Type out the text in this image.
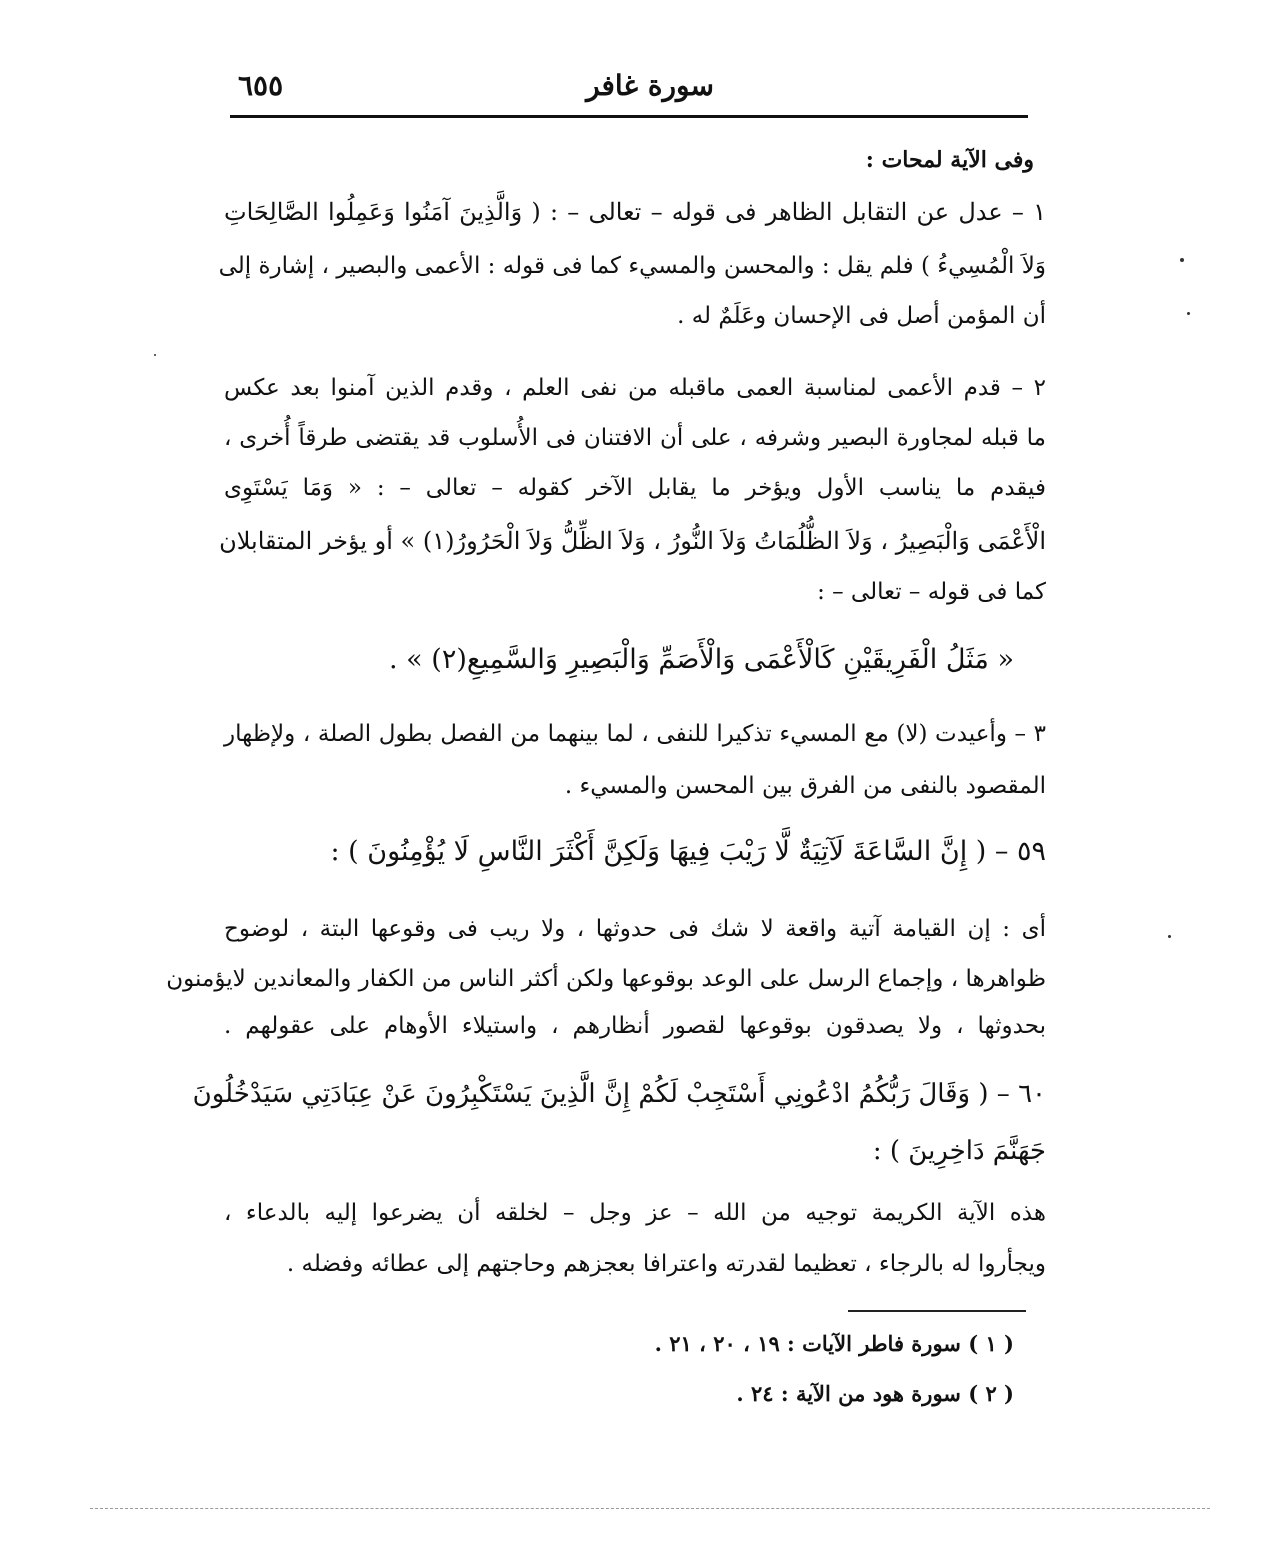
سورة غافر
٦٥٥
وفى الآية لمحات :
١ – عدل عن التقابل الظاهر فى قوله – تعالى – : ( وَالَّذِينَ آمَنُوا وَعَمِلُوا الصَّالِحَاتِ
وَلاَ الْمُسِيءُ ) فلم يقل : والمحسن والمسيء كما فى قوله : الأعمى والبصير ، إشارة إلى
أن المؤمن أصل فى الإحسان وعَلَمٌ له .
٢ – قدم الأعمى لمناسبة العمى ماقبله من نفى العلم ، وقدم الذين آمنوا بعد عكس
ما قبله لمجاورة البصير وشرفه ، على أن الافتنان فى الأُسلوب قد يقتضى طرقاً أُخرى ،
فيقدم ما يناسب الأول ويؤخر ما يقابل الآخر كقوله – تعالى – : « وَمَا يَسْتَوِى
الْأَعْمَى وَالْبَصِيرُ ، وَلاَ الظُّلُمَاتُ وَلاَ النُّورُ ، وَلاَ الظِّلُّ وَلاَ الْحَرُورُ(١) » أو يؤخر المتقابلان
كما فى قوله – تعالى – :
« مَثَلُ الْفَرِيقَيْنِ كَالْأَعْمَى وَالْأَصَمِّ وَالْبَصِيرِ وَالسَّمِيعِ(٢) » .
٣ – وأعيدت (لا) مع المسيء تذكيرا للنفى ، لما بينهما من الفصل بطول الصلة ، ولإظهار
المقصود بالنفى من الفرق بين المحسن والمسيء .
٥٩ – ( إِنَّ السَّاعَةَ لَآتِيَةٌ لَّا رَيْبَ فِيهَا وَلَكِنَّ أَكْثَرَ النَّاسِ لَا يُؤْمِنُونَ ) :
أى : إن القيامة آتية واقعة لا شك فى حدوثها ، ولا ريب فى وقوعها البتة ، لوضوح
ظواهرها ، وإجماع الرسل على الوعد بوقوعها ولكن أكثر الناس من الكفار والمعاندين لايؤمنون
بحدوثها ، ولا يصدقون بوقوعها لقصور أنظارهم ، واستيلاء الأوهام على عقولهم .
٦٠ – ( وَقَالَ رَبُّكُمُ ادْعُونِي أَسْتَجِبْ لَكُمْ إِنَّ الَّذِينَ يَسْتَكْبِرُونَ عَنْ عِبَادَتِي سَيَدْخُلُونَ
جَهَنَّمَ دَاخِرِينَ ) :
هذه الآية الكريمة توجيه من الله – عز وجل – لخلقه أن يضرعوا إليه بالدعاء ،
ويجأروا له بالرجاء ، تعظيما لقدرته واعترافا بعجزهم وحاجتهم إلى عطائه وفضله .
( ١ ) سورة فاطر الآيات : ١٩ ، ٢٠ ، ٢١ .
( ٢ ) سورة هود من الآية : ٢٤ .
